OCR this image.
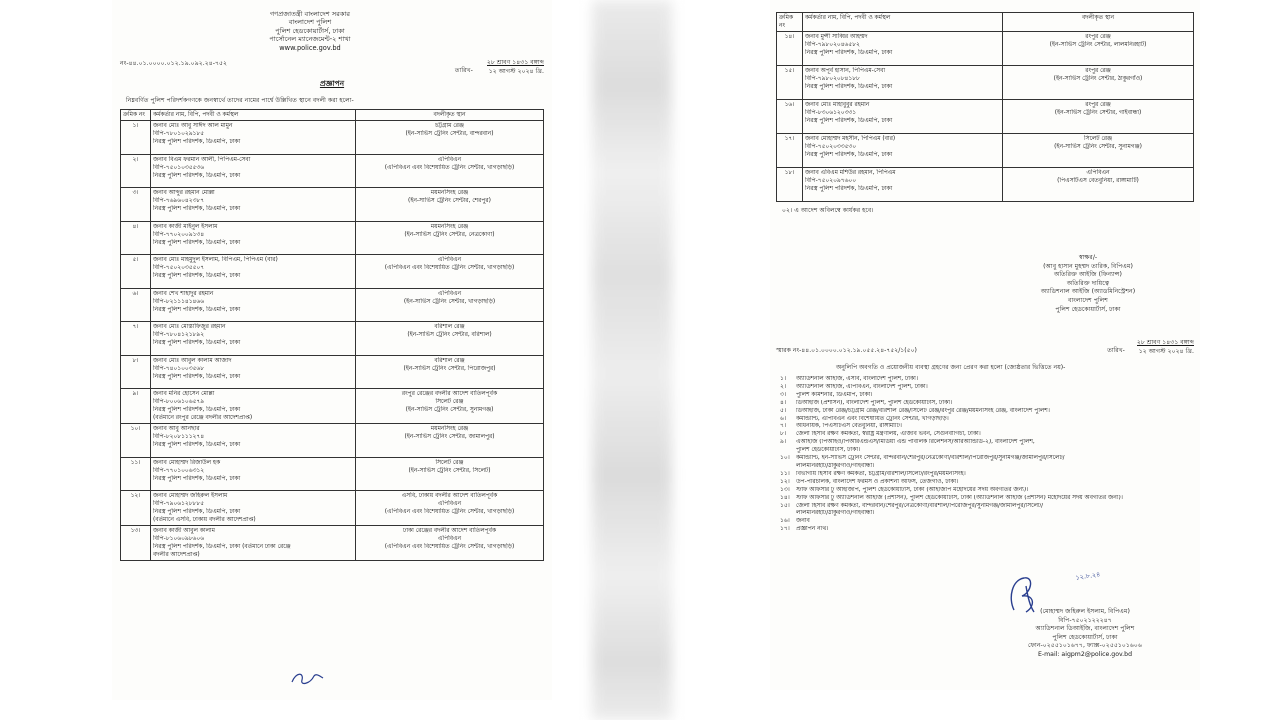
গণপ্রজাতন্ত্রী বাংলাদেশ সরকার
বাংলাদেশ পুলিশ
পুলিশ হেডকোয়ার্টার্স, ঢাকা
পার্সোনেল ম্যানেজমেন্ট-২ শাখা
www.police.gov.bd
নং-৪৪.০১.০০০০.০১২.১৯.০৯২.২৪-৭৫২
তারিখ-
২৮ শ্রাবণ ১৪৩১ বঙ্গাব্দ
১২ আগস্ট ২০২৪ খ্রি.
প্রজ্ঞাপন
নিম্নবর্ণিত পুলিশ পরিদর্শকগণকে জনস্বার্থে তাদের নামের পার্শ্বে উল্লিখিত স্থানে বদলী করা হলো-
ক্রমিক নং	কর্মকর্তার নাম, বিপি, পদবী ও কর্মস্থল	বদলীকৃত স্থান
১।	জনাব মোঃ আবু সাঈদ আল মামুন
বিপি-৭৮০১০২৯১৮৫
নিরস্ত্র পুলিশ পরিদর্শক, ডিএমপি, ঢাকা	চট্টগ্রাম রেঞ্জ
(ইন-সার্ভিস ট্রেনিং সেন্টার, বান্দরবান)

২।	জনাব বিএম ফরমান আলী, পিপিএম-সেবা
বিপি-৭৫০১০৩৫৫৩৬
নিরস্ত্র পুলিশ পরিদর্শক, ডিএমপি, ঢাকা	এপিবিএন
(এপিবিএন এবং বিশেষায়িত ট্রেনিং সেন্টার, খাগড়াছড়ি)

৩।	জনাব আব্দুর রহমান মোল্লা
বিপি-৭৬৯৬০৪২৩৮৭
নিরস্ত্র পুলিশ পরিদর্শক, ডিএমপি, ঢাকা	ময়মনসিংহ রেঞ্জ
(ইন-সার্ভিস ট্রেনিং সেন্টার, শেরপুর)

৪।	জনাব কাজী মাইনুল ইসলাম
বিপি-৭৭০২০০৯১৩৪
নিরস্ত্র পুলিশ পরিদর্শক, ডিএমপি, ঢাকা	ময়মনসিংহ রেঞ্জ
(ইন-সার্ভিস ট্রেনিং সেন্টার, নেত্রকোণা)

৫।	জনাব মোঃ মাহমুদুল ইসলাম, বিপিএম, পিপিএম (বার)
বিপি-৭৫০২০৩৫৫০৭
নিরস্ত্র পুলিশ পরিদর্শক, ডিএমপি, ঢাকা	এপিবিএন
(এপিবিএন এবং বিশেষায়িত ট্রেনিং সেন্টার, খাগড়াছড়ি)

৬।	জনাব শেখ শাহাদুর রহমান
বিপি-৮২১১১৪১৪৬৬
নিরস্ত্র পুলিশ পরিদর্শক, ডিএমপি, ঢাকা	এপিবিএন
(ইন-সার্ভিস ট্রেনিং সেন্টার, খাগড়াছড়ি)

৭।	জনাব মোঃ মোস্তাফিজুর রহমান
বিপি-৭৮০৪১২১৮৯২
নিরস্ত্র পুলিশ পরিদর্শক, ডিএমপি, ঢাকা	বরিশাল রেঞ্জ
(ইন-সার্ভিস ট্রেনিং সেন্টার, বরিশাল)

৮।	জনাব মোঃ আবুল কালাম আজাদ
বিপি-৭৪০১০০৩৫৬৮
নিরস্ত্র পুলিশ পরিদর্শক, ডিএমপি, ঢাকা	বরিশাল রেঞ্জ
(ইন-সার্ভিস ট্রেনিং সেন্টার, পিরোজপুর)

৯।	জনাব মনির হোসেন মোল্লা
বিপি-৮০০৬১০৬৫৭৯
নিরস্ত্র পুলিশ পরিদর্শক, ডিএমপি, ঢাকা
(বর্তমানে রংপুর রেঞ্জে বদলীর আদেশপ্রাপ্ত)	রংপুর রেঞ্জের বদলীর আদেশ বাতিলপূর্বক
সিলেট রেঞ্জ
(ইন-সার্ভিস ট্রেনিং সেন্টার, সুনামগঞ্জ)

১০।	জনাব আবু আনছার
বিপি-৮২০৮১১১২৭৪
নিরস্ত্র পুলিশ পরিদর্শক, ডিএমপি, ঢাকা	ময়মনসিংহ রেঞ্জ
(ইন-সার্ভিস ট্রেনিং সেন্টার, জামালপুর)

১১।	জনাব মোহাম্মদ রিজাউল হক
বিপি-৭৭০১০০৬৩১২
নিরস্ত্র পুলিশ পরিদর্শক, ডিএমপি, ঢাকা	সিলেট রেঞ্জ
(ইন-সার্ভিস ট্রেনিং সেন্টার, সিলেট)

১২।	জনাব মোহাম্মদ জহিরুল ইসলাম
বিপি-৭৯০৬১২৮৮৮৫
নিরস্ত্র পুলিশ পরিদর্শক, ডিএমপি, ঢাকা
(বর্তমানে এসবি, ঢাকায় বদলীর আদেশপ্রাপ্ত)	এসবি, ঢাকায় বদলীর আদেশ বাতিলপূর্বক
এপিবিএন
(এপিবিএন এবং বিশেষায়িত ট্রেনিং সেন্টার, খাগড়াছড়ি)

১৩।	জনাব কাজী আবুল কালাম
বিপি-৮১০৬০৯৮৬০৬
নিরস্ত্র পুলিশ পরিদর্শক, ডিএমপি, ঢাকা (বর্তমানে ঢাকা রেঞ্জে
বদলীর আদেশপ্রাপ্ত)	ঢাকা রেঞ্জের বদলীর আদেশ বাতিলপূর্বক
এপিবিএন
(এপিবিএন এবং বিশেষায়িত ট্রেনিং সেন্টার, খাগড়াছড়ি)
ক্রমিক নং	কর্মকর্তার নাম, বিপি, পদবী ও কর্মস্থল	বদলীকৃত স্থান
১৪।	জনাব মুন্সী সাব্বির আহম্মদ
বিপি-৭৯৮০২০৪৬৫৮২
নিরস্ত্র পুলিশ পরিদর্শক, ডিএমপি, ঢাকা	রংপুর রেঞ্জ
(ইন-সার্ভিস ট্রেনিং সেন্টার, লালমনিরহাট)

১৫।	জনাব অপূর্ব হাসান, পিপিএম-সেবা
বিপি-৭৯৮০২০৮৪১৮৮
নিরস্ত্র পুলিশ পরিদর্শক, ডিএমপি, ঢাকা	রংপুর রেঞ্জ
(ইন-সার্ভিস ট্রেনিং সেন্টার, ঠাকুরগাঁও)

১৬।	জনাব মোঃ মাহাবুবুর রহমান
বিপি-৮৩০৬১২০৩৩১
নিরস্ত্র পুলিশ পরিদর্শক, ডিএমপি, ঢাকা	রংপুর রেঞ্জ
(ইন-সার্ভিস ট্রেনিং সেন্টার, গাইবান্ধা)

১৭।	জনাব মোহাম্মদ মহসীন, পিপিএম (বার)
বিপি-৭৫০২০৩৩৫৩০
নিরস্ত্র পুলিশ পরিদর্শক, ডিএমপি, ঢাকা	সিলেট রেঞ্জ
(ইন-সার্ভিস ট্রেনিং সেন্টার, সুনামগঞ্জ)

১৮।	জনাব এবিএম মশিউর রহমান, পিপিএম
বিপি-৭৫০২০৯৭৬০০
নিরস্ত্র পুলিশ পরিদর্শক, ডিএমপি, ঢাকা	এপিবিএন
(পিএসটিএস বেতবুনিয়া, রাঙ্গামাটি)
০২। এ আদেশ অবিলম্বে কার্যকর হবে।
স্বাক্ষর/-
(আবু হাসান মুহম্মদ তারিক, বিপিএম)
অতিরিক্ত আইজি (ফিন্যান্স)
অতিরিক্ত দায়িত্বে
অ্যাডিশনাল আইজি (অ্যাডমিনিস্ট্রেশন)
বাংলাদেশ পুলিশ
পুলিশ হেডকোয়ার্টার্স, ঢাকা
স্মারক নং-৪৪.০১.০০০০.০১২.১৯.০৫৫.২৪-৭৫২/১(৫০)	তারিখ-
২৮ শ্রাবণ ১৪৩১ বঙ্গাব্দ
১২ আগস্ট ২০২৪ খ্রি.
অনুলিপি অবগতি ও প্রয়োজনীয় ব্যবস্থা গ্রহণের জন্য প্রেরণ করা হলো (জ্যেষ্ঠতার ভিত্তিতে নয়)-
১।	অ্যাডিশনাল আইজি, এসবি, বাংলাদেশ পুলিশ, ঢাকা।
২।	অ্যাডিশনাল আইজি, এপিবিএন, বাংলাদেশ পুলিশ, ঢাকা।
৩।	পুলিশ কমিশনার, ডিএমপি, ঢাকা।
৪।	ডিআইজি (প্রশাসন), বাংলাদেশ পুলিশ, পুলিশ হেডকোয়ার্টার্স, ঢাকা।
৫।	ডিআইজি, ঢাকা রেঞ্জ/চট্টগ্রাম রেঞ্জ/বরিশাল রেঞ্জ/সিলেট রেঞ্জ/রংপুর রেঞ্জ/ময়মনসিংহ রেঞ্জ, বাংলাদেশ পুলিশ।
৬।	কমান্ড্যান্ট, এপিবিএন এবং বিশেষায়িত ট্রেনিং সেন্টার, খাগড়াছড়ি।
৭।	অধিনায়ক, পিএসটিএস বেতবুনিয়া, রাঙ্গামাটি।
৮।	জেলা হিসাব রক্ষণ কর্মকর্তা, স্বরাষ্ট্র মন্ত্রণালয়, এজিবি ভবন, সেগুনবাগিচা, ঢাকা।
৯।	এআইজি (পিআইও/পিআরএন্ডএস/মিডিয়া এন্ড পাবলিক রিলেশনস/আরঅ্যান্ডডি-২), বাংলাদেশ পুলিশ,
পুলিশ হেডকোয়ার্টার্স, ঢাকা।
১০।	কমান্ড্যান্ট, ইন-সার্ভিস ট্রেনিং সেন্টার, বান্দরবান/শেরপুর/নেত্রকোণা/বরিশাল/পিরোজপুর/সুনামগঞ্জ/জামালপুর/সিলেট/
লালমনিরহাট/ঠাকুরগাঁও/গাইবান্ধা।
১১।	বিভাগীয় হিসাব রক্ষণ কর্মকর্তা, চট্টগ্রাম/বরিশাল/সিলেট/রংপুর/ময়মনসিংহ।
১২।	উপ-পরিচালক, বাংলাদেশ ফরমস ও প্রকাশনা অফিস, তেজগাঁও, ঢাকা।
১৩।	স্টাফ অফিসার টু আইজিপি, পুলিশ হেডকোয়ার্টার্স, ঢাকা (আইজিপি মহোদয়ের সদয় অবগতির জন্য)।
১৪।	স্টাফ অফিসার টু অ্যাডিশনাল আইজি (প্রশাসন), পুলিশ হেডকোয়ার্টার্স, ঢাকা (অ্যাডিশনাল আইজি (প্রশাসন) মহোদয়ের সদয় অবগতির জন্য)।
১৫।	জেলা হিসাব রক্ষণ কর্মকর্তা, বান্দরবান/শেরপুর/নেত্রকোণা/বরিশাল/পিরোজপুর/সুনামগঞ্জ/জামালপুর/সিলেট/
লালমনিরহাট/ঠাকুরগাঁও/গাইবান্ধা।
১৬।	জনাব
১৭।	প্রজ্ঞাপন নথি।
১২.৮.২৪
(মোহাম্মদ জহিরুল ইসলাম, বিপিএম)
বিপি-৭৫০২১২২২৪৭
অ্যাডিশনাল ডিআইজি, বাংলাদেশ পুলিশ
পুলিশ হেডকোয়ার্টার্স, ঢাকা
ফোন-০২৫৫১০১৬৭৭, ফ্যাক্স-০২৫৫১০১৬০৬
E-mail: aigpm2@police.gov.bd
